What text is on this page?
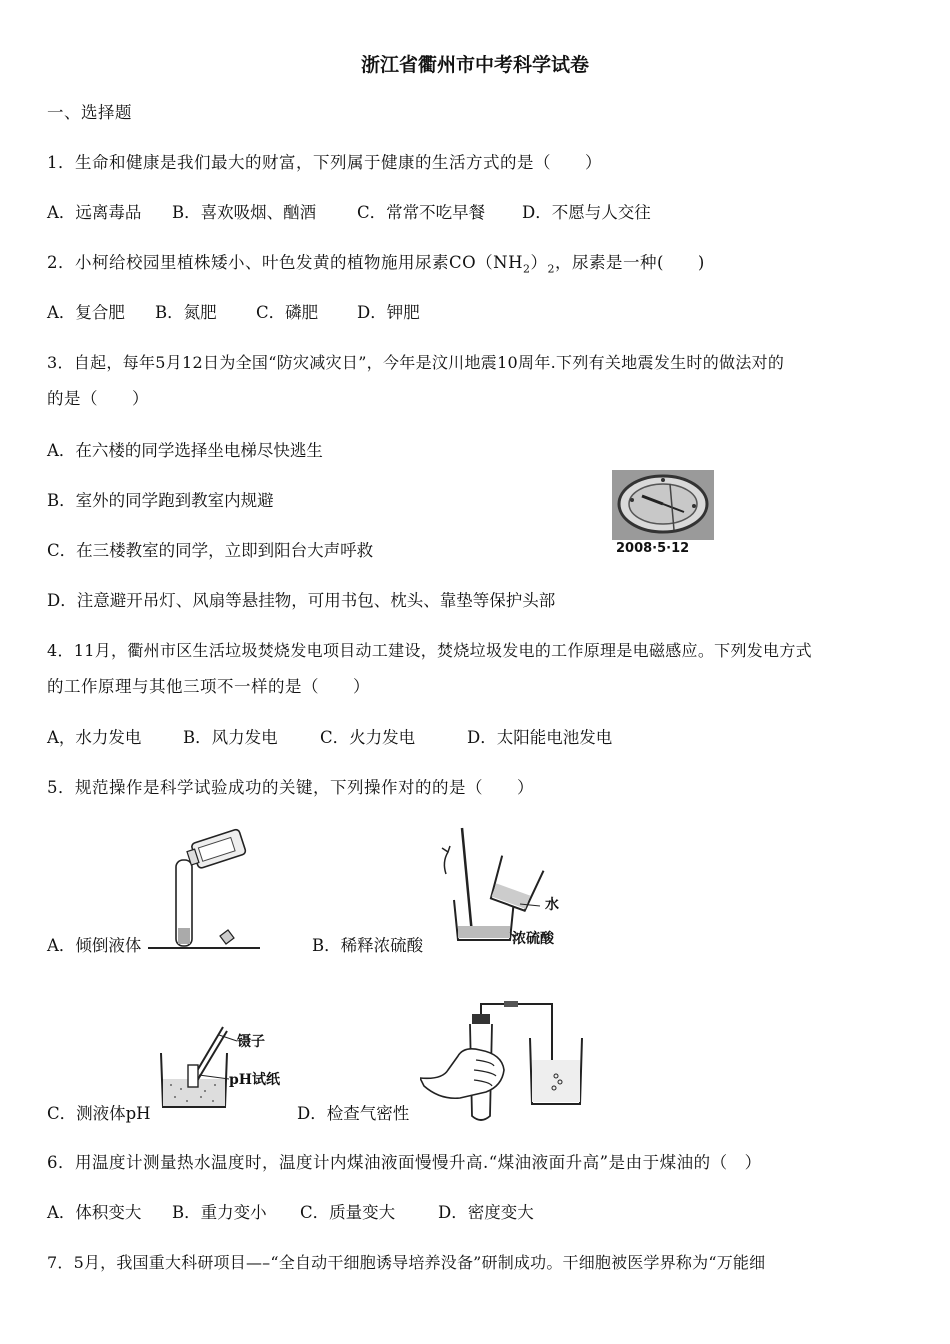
浙江省衢州市中考科学试卷
一、选择题
1．生命和健康是我们最大的财富，下列属于健康的生活方式的是（　　）
A．远离毒品 B．喜欢吸烟、酗酒 C．常常不吃早餐 D．不愿与人交往
2．小柯给校园里植株矮小、叶色发黄的植物施用尿素$CO(NH_2)_2$，尿素是一种(　　)
A．复合肥 B．氮肥 C．磷肥 D．钾肥
3．自起，每年5月12日为全国“防灾减灾日”，今年是汶川地震10周年.下列有关地震发生时的做法对的
的是（　　）
A．在六楼的同学选择坐电梯尽快逃生
B．室外的同学跑到教室内规避
C．在三楼教室的同学，立即到阳台大声呼救
D．注意避开吊灯、风扇等悬挂物，可用书包、枕头、靠垫等保护头部
2008·5·12
4．11月，衢州市区生活垃圾焚烧发电项目动工建设，焚烧垃圾发电的工作原理是电磁感应。下列发电方式
的工作原理与其他三项不一样的是（　　）
A，水力发电	B．风力发电	C．火力发电	D．太阳能电池发电
5．规范操作是科学试验成功的关键，下列操作对的的是（　　）
A．倾倒液体
水
浓硫酸
B．稀释浓硫酸
镊子
pH试纸
C．测液体pH	D．检查气密性
6．用温度计测量热水温度时，温度计内煤油液面慢慢升高.“煤油液面升高”是由于煤油的（　）
A．体积变大 B．重力变小 C．质量变大	D．密度变大
7．5月，我国重大科研项目—–“全自动干细胞诱导培养没备”研制成功。干细胞被医学界称为“万能细
